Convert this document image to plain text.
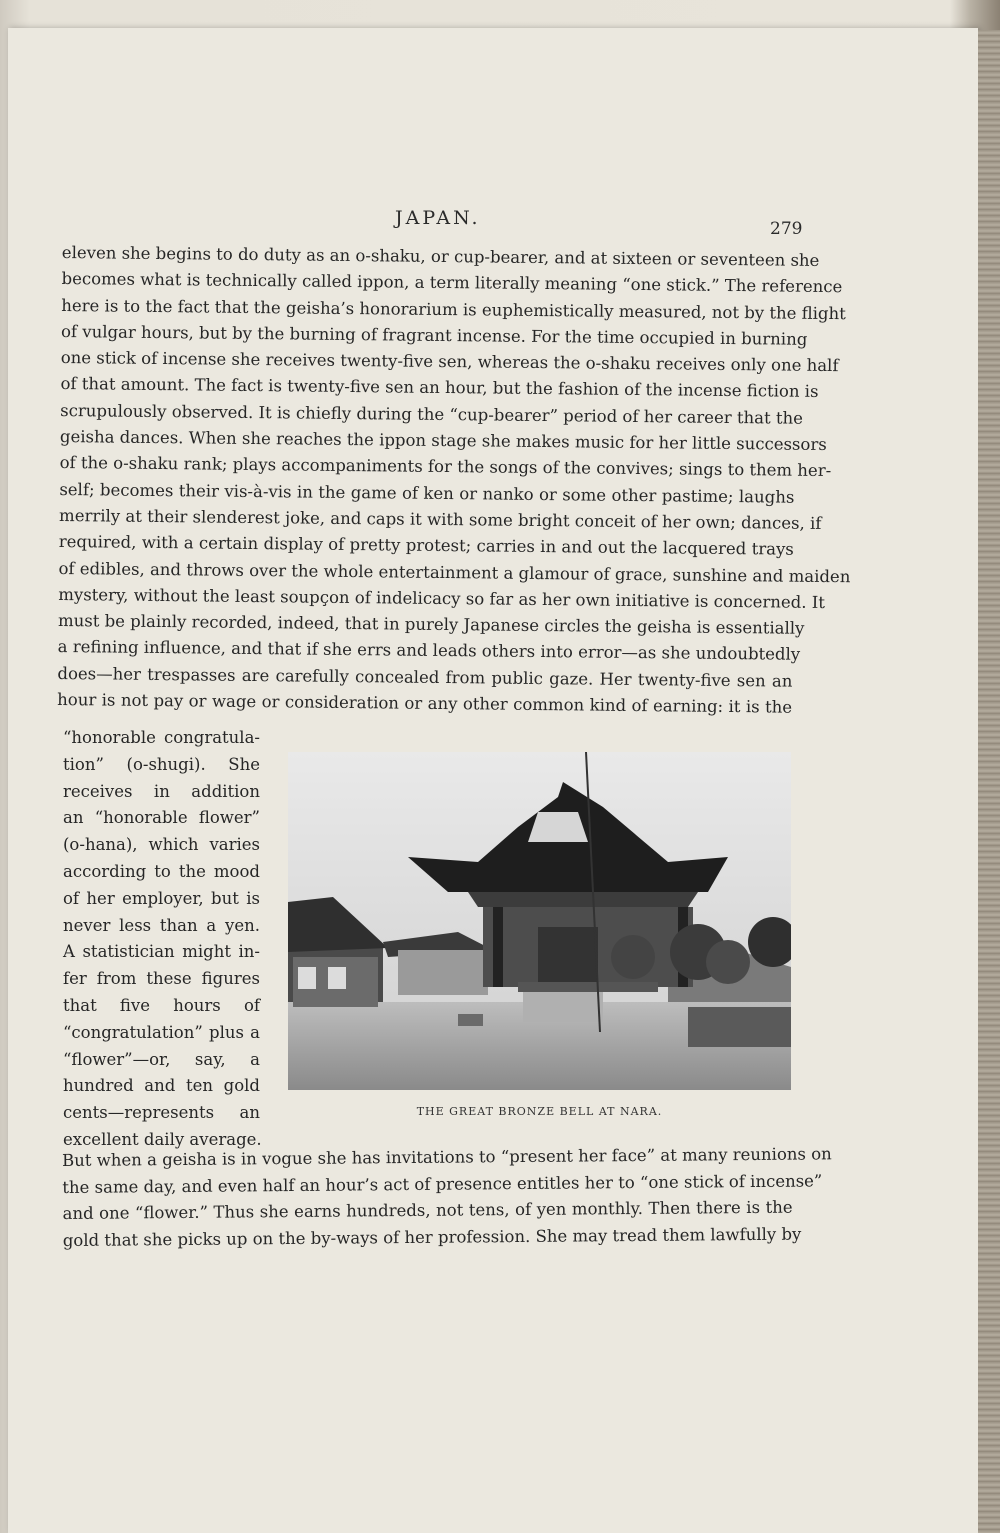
JAPAN.	279
eleven she begins to do duty as an o-shaku, or cup-bearer, and at sixteen or seventeen she
becomes what is technically called ippon, a term literally meaning “one stick.” The reference
here is to the fact that the geisha’s honorarium is euphemistically measured, not by the flight
of vulgar hours, but by the burning of fragrant incense. For the time occupied in burning
one stick of incense she receives twenty-five sen, whereas the o-shaku receives only one half
of that amount. The fact is twenty-five sen an hour, but the fashion of the incense fiction is
scrupulously observed. It is chiefly during the “cup-bearer” period of her career that the
geisha dances. When she reaches the ippon stage she makes music for her little successors
of the o-shaku rank; plays accompaniments for the songs of the convives; sings to them her-
self; becomes their vis-à-vis in the game of ken or nanko or some other pastime; laughs
merrily at their slenderest joke, and caps it with some bright conceit of her own; dances, if
required, with a certain display of pretty protest; carries in and out the lacquered trays
of edibles, and throws over the whole entertainment a glamour of grace, sunshine and maiden
mystery, without the least soupçon of indelicacy so far as her own initiative is concerned. It
must be plainly recorded, indeed, that in purely Japanese circles the geisha is essentially
a refining influence, and that if she errs and leads others into error—as she undoubtedly
does—her trespasses are carefully concealed from public gaze. Her twenty-five sen an
hour is not pay or wage or consideration or any other common kind of earning: it is the
“honorable congratula-
tion” (o-shugi). She
receives in addition
an “honorable flower”
(o-hana), which varies
according to the mood
of her employer, but is
never less than a yen.
A statistician might in-
fer from these figures
that five hours of
“congratulation” plus a
“flower”—or, say, a
hundred and ten gold
cents—represents an
excellent daily average.
THE GREAT BRONZE BELL AT NARA.
But when a geisha is in vogue she has invitations to “present her face” at many reunions on
the same day, and even half an hour’s act of presence entitles her to “one stick of incense”
and one “flower.” Thus she earns hundreds, not tens, of yen monthly. Then there is the
gold that she picks up on the by-ways of her profession. She may tread them lawfully by
